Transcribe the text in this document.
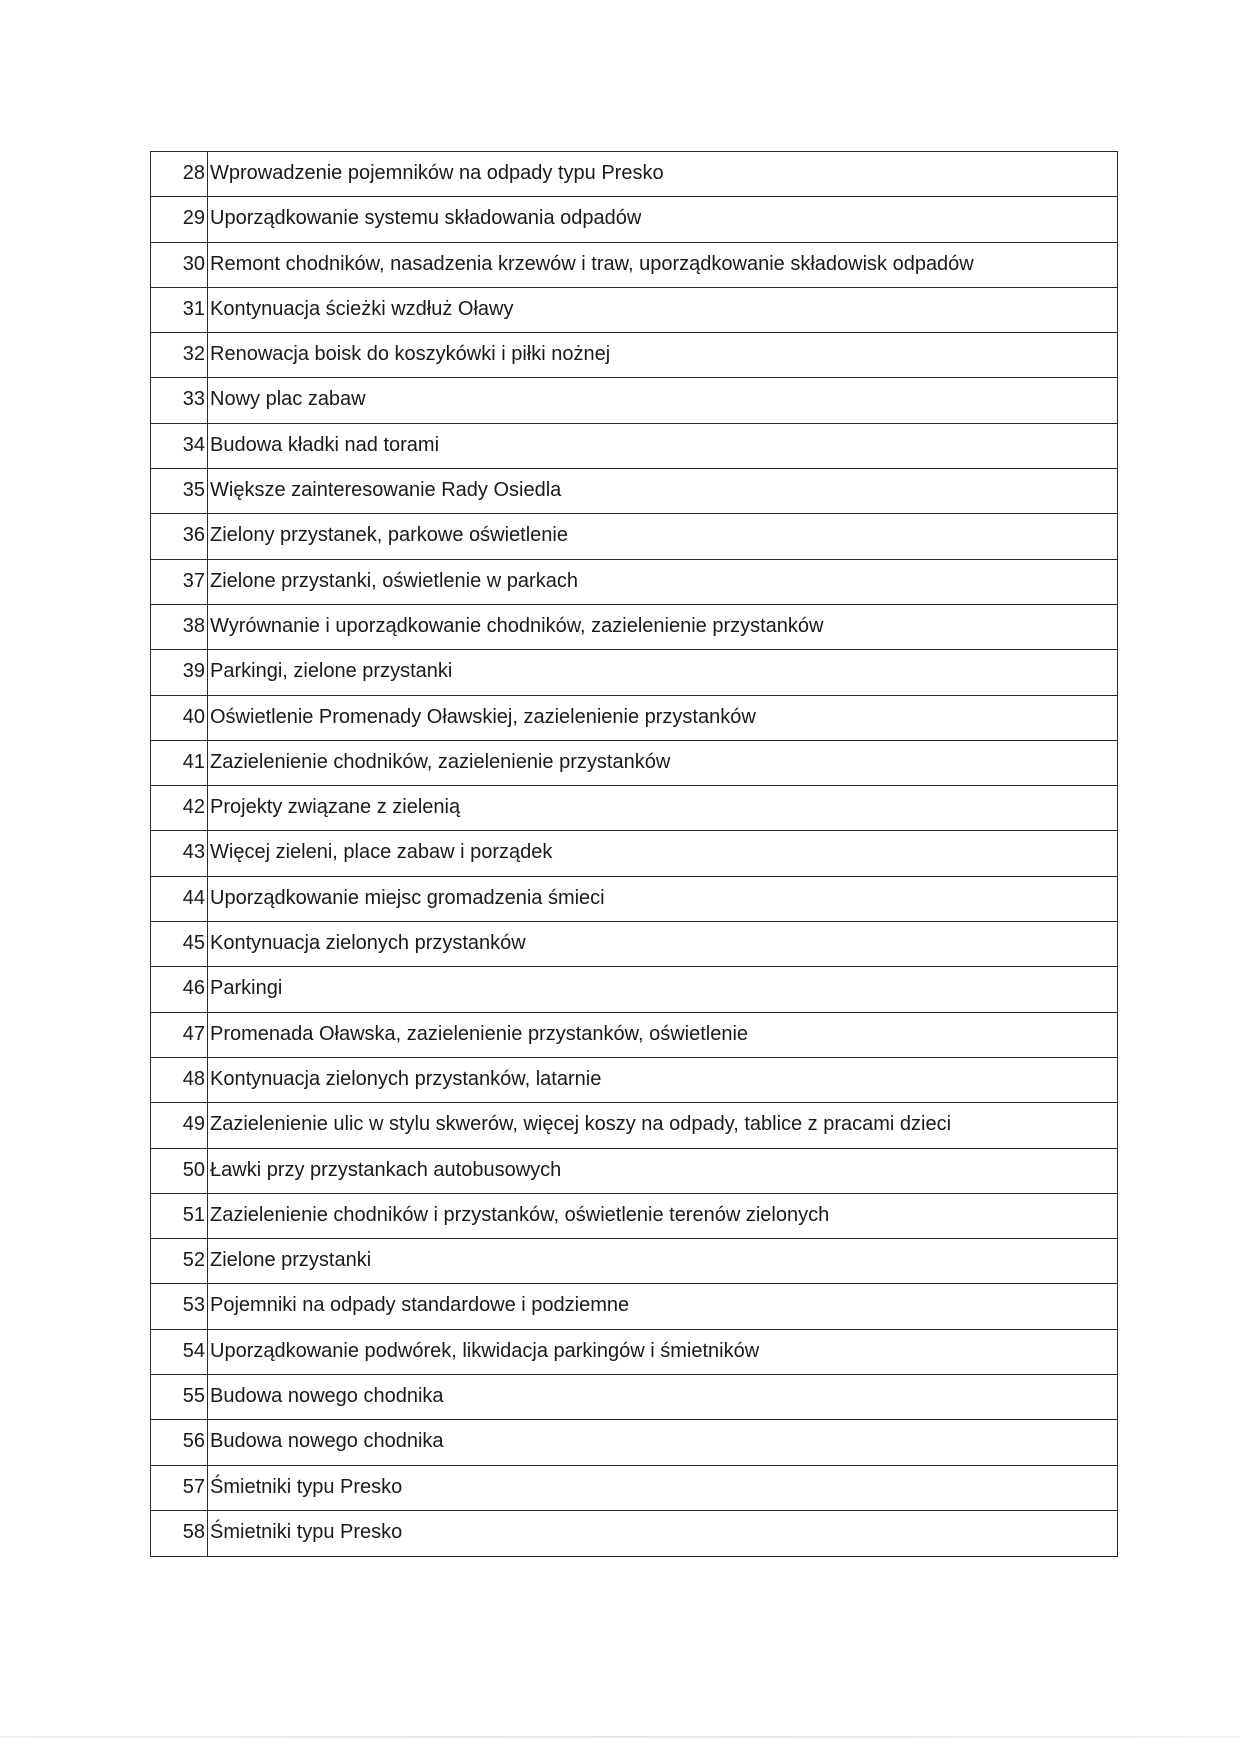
28 Wprowadzenie pojemników na odpady typu Presko
29 Uporządkowanie systemu składowania odpadów
30 Remont chodników, nasadzenia krzewów i traw, uporządkowanie składowisk odpadów
31 Kontynuacja ścieżki wzdłuż Oławy
32 Renowacja boisk do koszykówki i piłki nożnej
33 Nowy plac zabaw
34 Budowa kładki nad torami
35 Większe zainteresowanie Rady Osiedla
36 Zielony przystanek, parkowe oświetlenie
37 Zielone przystanki, oświetlenie w parkach
38 Wyrównanie i uporządkowanie chodników, zazielenienie przystanków
39 Parkingi, zielone przystanki
40 Oświetlenie Promenady Oławskiej, zazielenienie przystanków
41 Zazielenienie chodników, zazielenienie przystanków
42 Projekty związane z zielenią
43 Więcej zieleni, place zabaw i porządek
44 Uporządkowanie miejsc gromadzenia śmieci
45 Kontynuacja zielonych przystanków
46 Parkingi
47 Promenada Oławska, zazielenienie przystanków, oświetlenie
48 Kontynuacja zielonych przystanków, latarnie
49 Zazielenienie ulic w stylu skwerów, więcej koszy na odpady, tablice z pracami dzieci
50 Ławki przy przystankach autobusowych
51 Zazielenienie chodników i przystanków, oświetlenie terenów zielonych
52 Zielone przystanki
53 Pojemniki na odpady standardowe i podziemne
54 Uporządkowanie podwórek, likwidacja parkingów i śmietników
55 Budowa nowego chodnika
56 Budowa nowego chodnika
57 Śmietniki typu Presko
58 Śmietniki typu Presko
